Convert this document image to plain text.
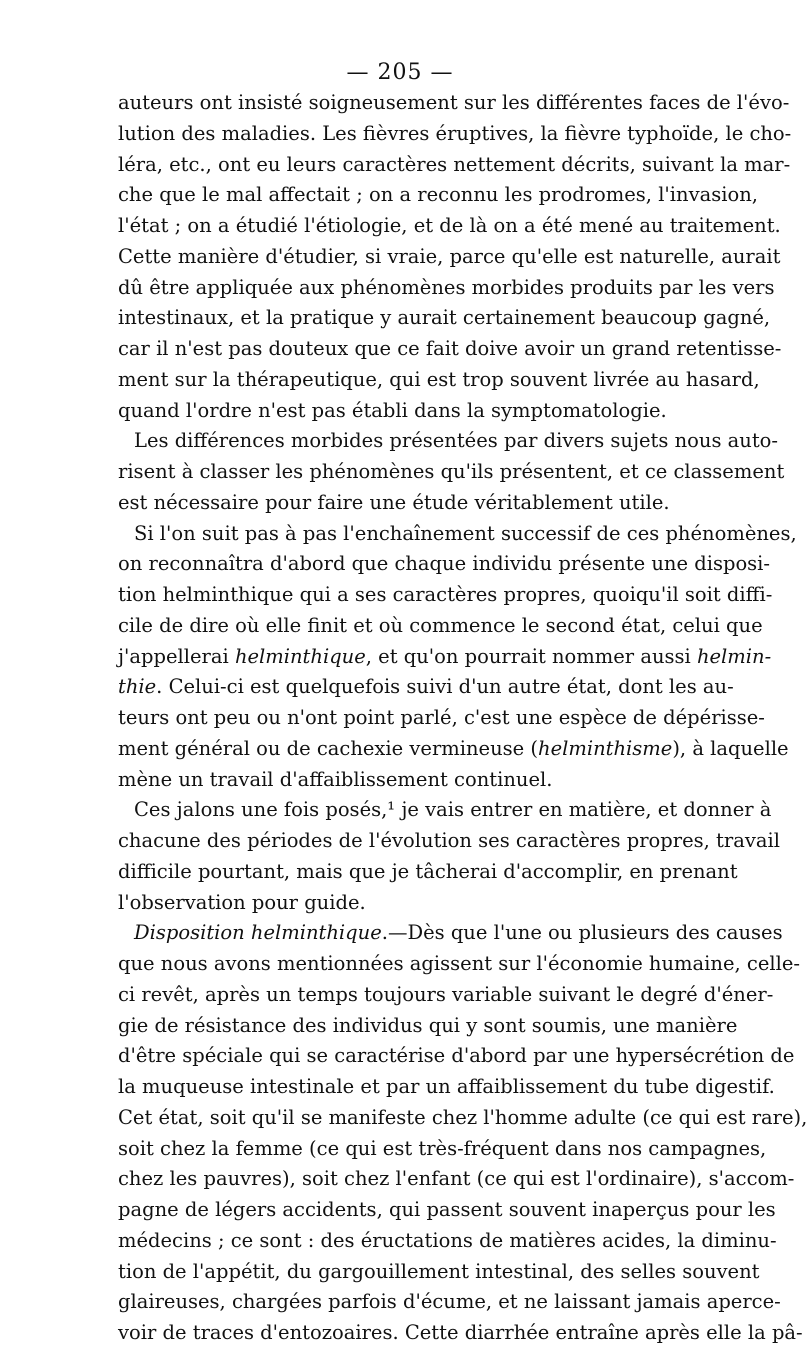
— 205 —
auteurs ont insisté soigneusement sur les différentes faces de l'évo-
lution des maladies. Les fièvres éruptives, la fièvre typhoïde, le cho-
léra, etc., ont eu leurs caractères nettement décrits, suivant la mar-
che que le mal affectait ; on a reconnu les prodromes, l'invasion,
l'état ; on a étudié l'étiologie, et de là on a été mené au traitement.
Cette manière d'étudier, si vraie, parce qu'elle est naturelle, aurait
dû être appliquée aux phénomènes morbides produits par les vers
intestinaux, et la pratique y aurait certainement beaucoup gagné,
car il n'est pas douteux que ce fait doive avoir un grand retentisse-
ment sur la thérapeutique, qui est trop souvent livrée au hasard,
quand l'ordre n'est pas établi dans la symptomatologie.
Les différences morbides présentées par divers sujets nous auto-
risent à classer les phénomènes qu'ils présentent, et ce classement
est nécessaire pour faire une étude véritablement utile.
Si l'on suit pas à pas l'enchaînement successif de ces phénomènes,
on reconnaîtra d'abord que chaque individu présente une disposi-
tion helminthique qui a ses caractères propres, quoiqu'il soit diffi-
cile de dire où elle finit et où commence le second état, celui que
j'appellerai helminthique, et qu'on pourrait nommer aussi helmin-
thie. Celui-ci est quelquefois suivi d'un autre état, dont les au-
teurs ont peu ou n'ont point parlé, c'est une espèce de dépérisse-
ment général ou de cachexie vermineuse (helminthisme), à laquelle
mène un travail d'affaiblissement continuel.
Ces jalons une fois posés,¹ je vais entrer en matière, et donner à
chacune des périodes de l'évolution ses caractères propres, travail
difficile pourtant, mais que je tâcherai d'accomplir, en prenant
l'observation pour guide.
Disposition helminthique.—Dès que l'une ou plusieurs des causes
que nous avons mentionnées agissent sur l'économie humaine, celle-
ci revêt, après un temps toujours variable suivant le degré d'éner-
gie de résistance des individus qui y sont soumis, une manière
d'être spéciale qui se caractérise d'abord par une hypersécrétion de
la muqueuse intestinale et par un affaiblissement du tube digestif.
Cet état, soit qu'il se manifeste chez l'homme adulte (ce qui est rare),
soit chez la femme (ce qui est très-fréquent dans nos campagnes,
chez les pauvres), soit chez l'enfant (ce qui est l'ordinaire), s'accom-
pagne de légers accidents, qui passent souvent inaperçus pour les
médecins ; ce sont : des éructations de matières acides, la diminu-
tion de l'appétit, du gargouillement intestinal, des selles souvent
glaireuses, chargées parfois d'écume, et ne laissant jamais aperce-
voir de traces d'entozoaires. Cette diarrhée entraîne après elle la pâ-
